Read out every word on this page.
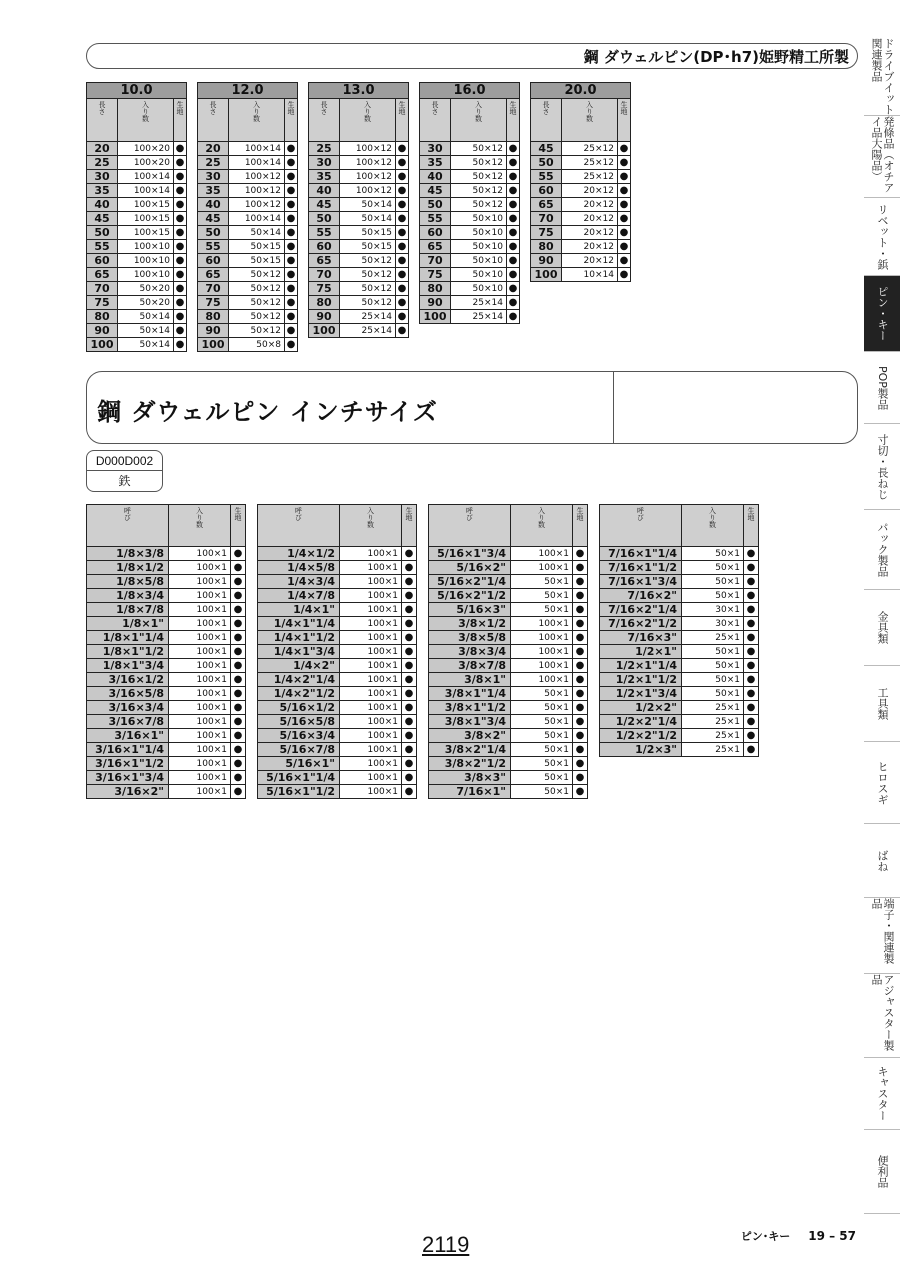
鋼 ダウェルピン(DP･h7)姫野精工所製
10.0		
長さ	入り数	生地
20	100×20	●
25	100×20	●
30	100×14	●
35	100×14	●
40	100×15	●
45	100×15	●
50	100×15	●
55	100×10	●
60	100×10	●
65	100×10	●
70	50×20	●
75	50×20	●
80	50×14	●
90	50×14	●
100	50×14	●
12.0		
長さ	入り数	生地
20	100×14	●
25	100×14	●
30	100×12	●
35	100×12	●
40	100×12	●
45	100×14	●
50	50×14	●
55	50×15	●
60	50×15	●
65	50×12	●
70	50×12	●
75	50×12	●
80	50×12	●
90	50×12	●
100	50×8	●
13.0		
長さ	入り数	生地
25	100×12	●
30	100×12	●
35	100×12	●
40	100×12	●
45	50×14	●
50	50×14	●
55	50×15	●
60	50×15	●
65	50×12	●
70	50×12	●
75	50×12	●
80	50×12	●
90	25×14	●
100	25×14	●
16.0		
長さ	入り数	生地
30	50×12	●
35	50×12	●
40	50×12	●
45	50×12	●
50	50×12	●
55	50×10	●
60	50×10	●
65	50×10	●
70	50×10	●
75	50×10	●
80	50×10	●
90	25×14	●
100	25×14	●
20.0		
長さ	入り数	生地
45	25×12	●
50	25×12	●
55	25×12	●
60	20×12	●
65	20×12	●
70	20×12	●
75	20×12	●
80	20×12	●
90	20×12	●
100	10×14	●
鋼 ダウェルピン インチサイズ
D000D002
鉄
呼び	入り数	生地
1/8×3/8	100×1	●
1/8×1/2	100×1	●
1/8×5/8	100×1	●
1/8×3/4	100×1	●
1/8×7/8	100×1	●
1/8×1"	100×1	●
1/8×1"1/4	100×1	●
1/8×1"1/2	100×1	●
1/8×1"3/4	100×1	●
3/16×1/2	100×1	●
3/16×5/8	100×1	●
3/16×3/4	100×1	●
3/16×7/8	100×1	●
3/16×1"	100×1	●
3/16×1"1/4	100×1	●
3/16×1"1/2	100×1	●
3/16×1"3/4	100×1	●
3/16×2"	100×1	●
呼び	入り数	生地
1/4×1/2	100×1	●
1/4×5/8	100×1	●
1/4×3/4	100×1	●
1/4×7/8	100×1	●
1/4×1"	100×1	●
1/4×1"1/4	100×1	●
1/4×1"1/2	100×1	●
1/4×1"3/4	100×1	●
1/4×2"	100×1	●
1/4×2"1/4	100×1	●
1/4×2"1/2	100×1	●
5/16×1/2	100×1	●
5/16×5/8	100×1	●
5/16×3/4	100×1	●
5/16×7/8	100×1	●
5/16×1"	100×1	●
5/16×1"1/4	100×1	●
5/16×1"1/2	100×1	●
呼び	入り数	生地
5/16×1"3/4	100×1	●
5/16×2"	100×1	●
5/16×2"1/4	50×1	●
5/16×2"1/2	50×1	●
5/16×3"	50×1	●
3/8×1/2	100×1	●
3/8×5/8	100×1	●
3/8×3/4	100×1	●
3/8×7/8	100×1	●
3/8×1"	100×1	●
3/8×1"1/4	50×1	●
3/8×1"1/2	50×1	●
3/8×1"3/4	50×1	●
3/8×2"	50×1	●
3/8×2"1/4	50×1	●
3/8×2"1/2	50×1	●
3/8×3"	50×1	●
7/16×1"	50×1	●
呼び	入り数	生地
7/16×1"1/4	50×1	●
7/16×1"1/2	50×1	●
7/16×1"3/4	50×1	●
7/16×2"	50×1	●
7/16×2"1/4	30×1	●
7/16×2"1/2	30×1	●
7/16×3"	25×1	●
1/2×1"	50×1	●
1/2×1"1/4	50×1	●
1/2×1"1/2	50×1	●
1/2×1"3/4	50×1	●
1/2×2"	25×1	●
1/2×2"1/4	25×1	●
1/2×2"1/2	25×1	●
1/2×3"	25×1	●
ドライブイット関連製品
発條品（オチアイ品大陽品）
リベット・鋲
ピン・キー
POP製品
寸切・長ねじ
パック製品
金具類
工具類
ヒロスギ
ばね
端子・関連製品
アジャスター製品
キャスター
便利品
2119	ピン･キー 19 – 57
